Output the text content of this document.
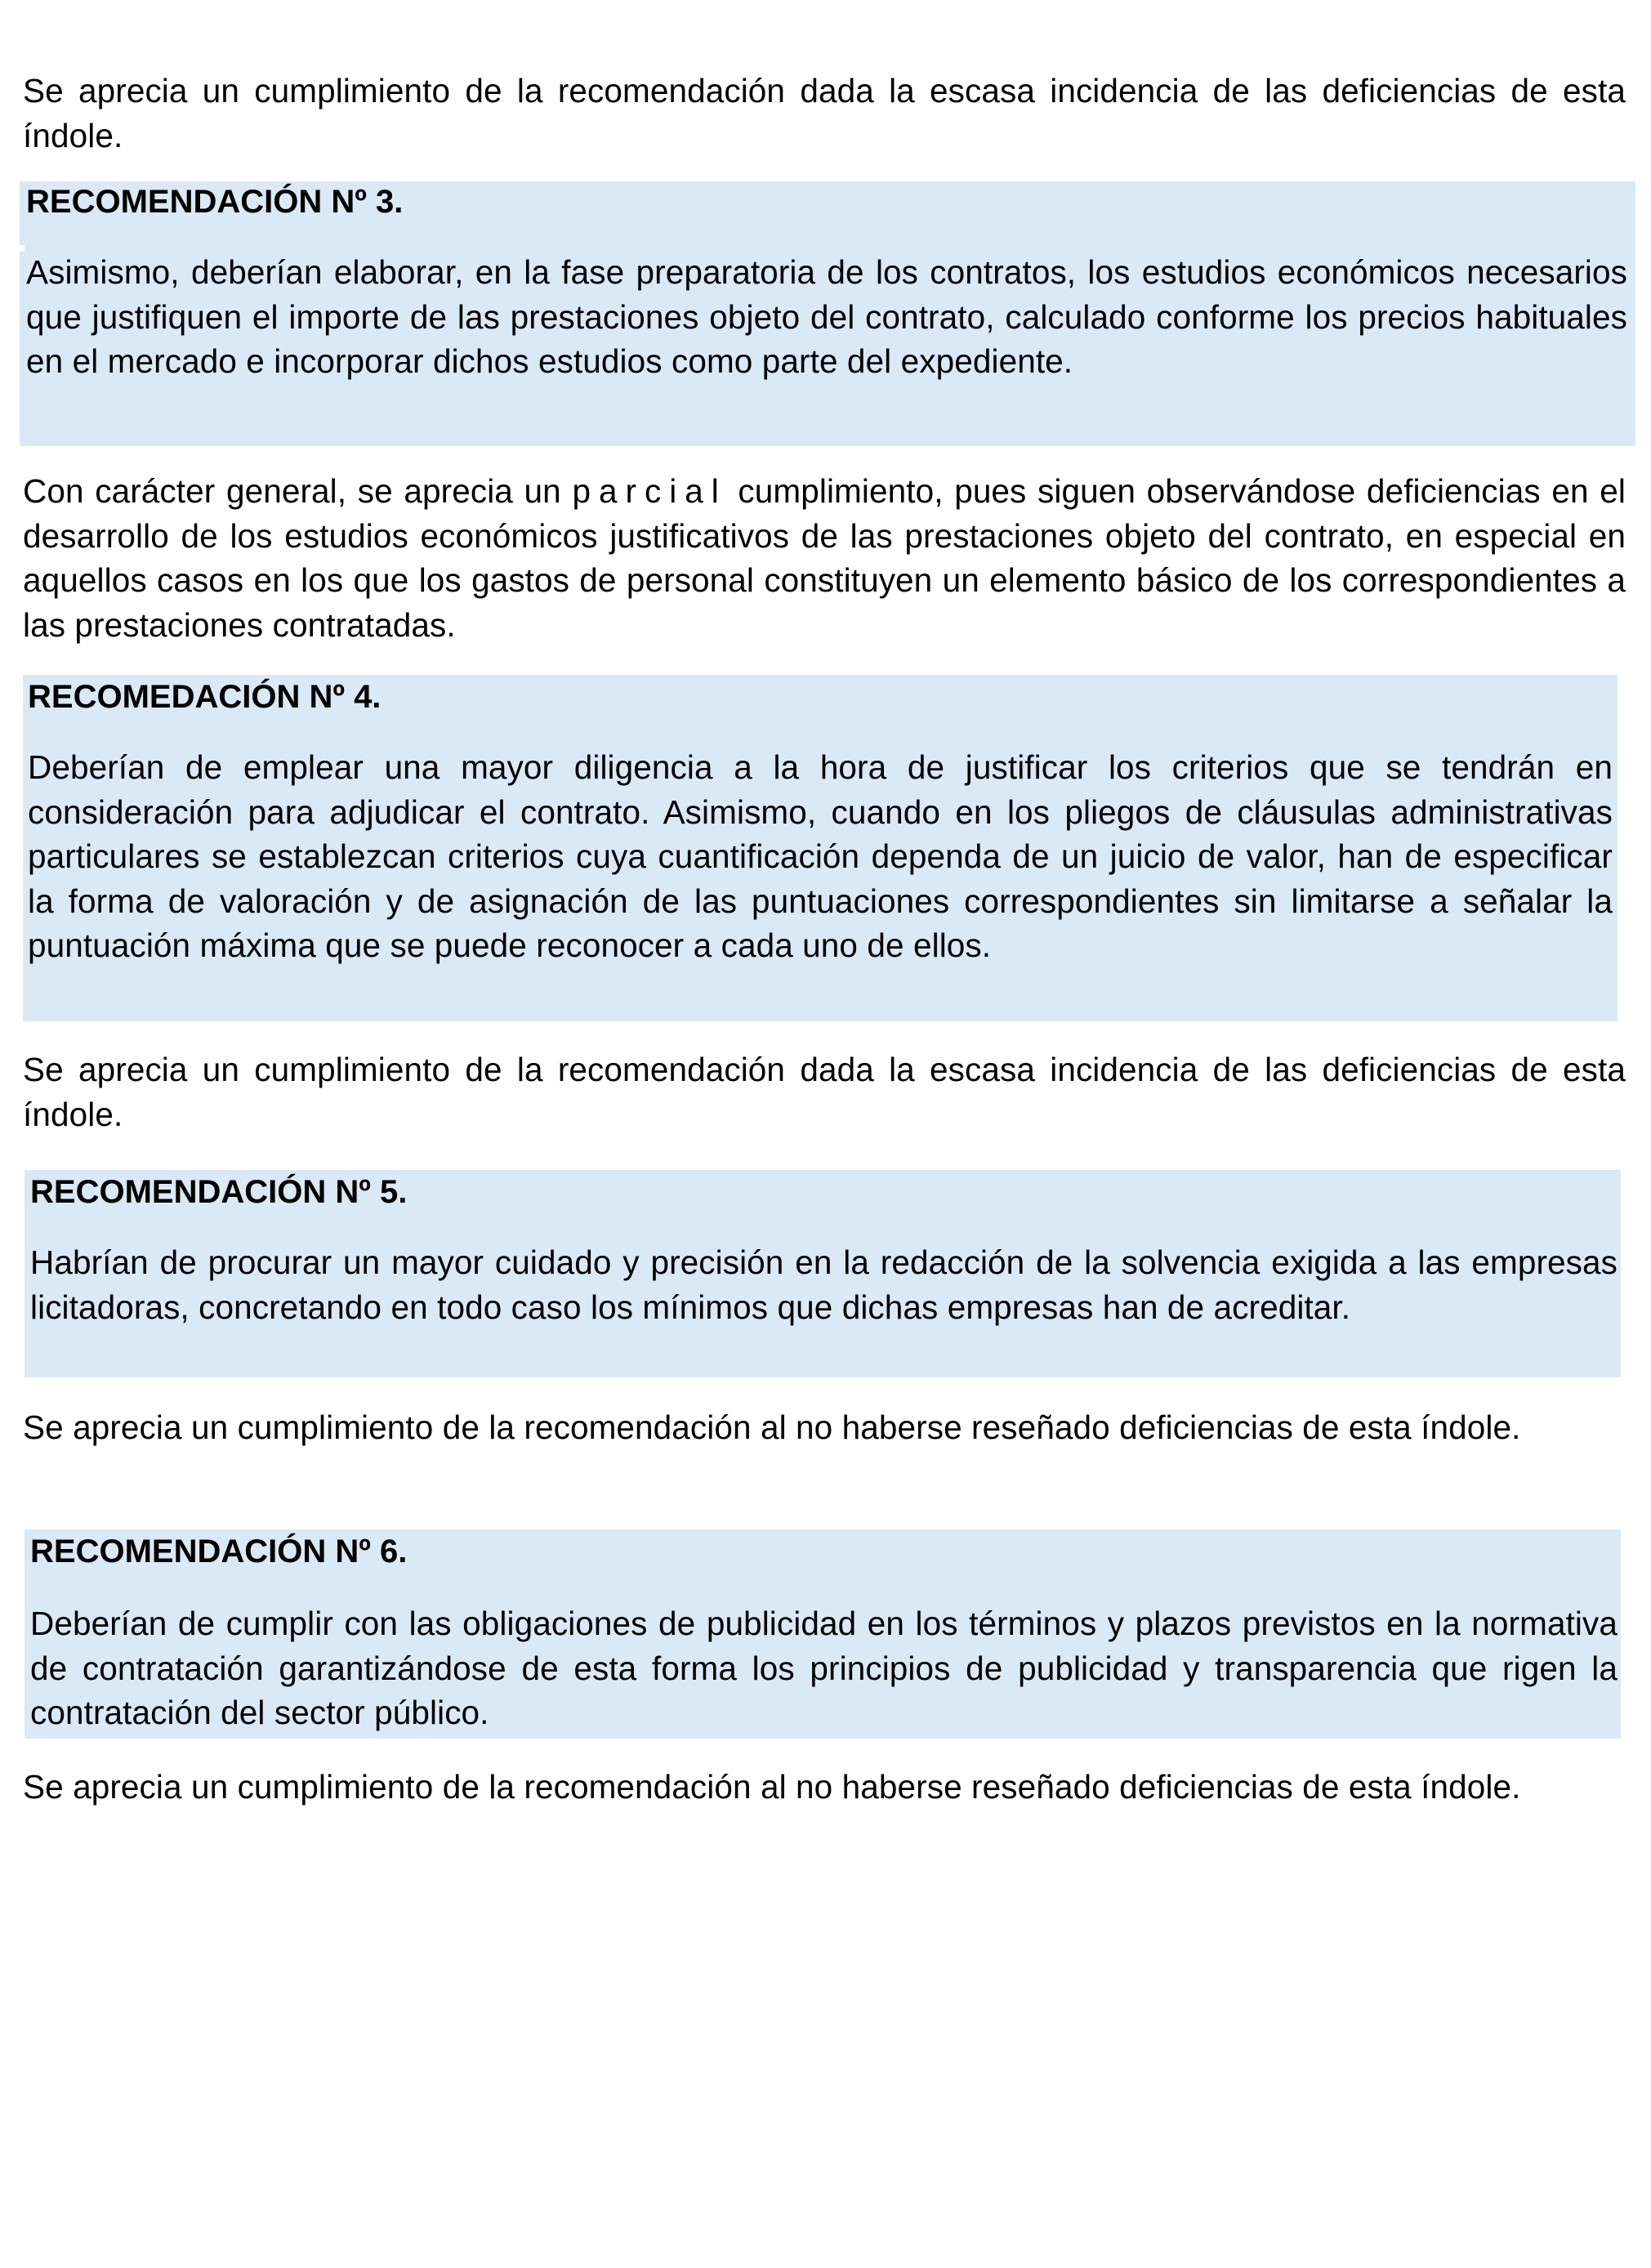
Se aprecia un cumplimiento de la recomendación dada la escasa incidencia de las deficiencias de esta índole.

RECOMENDACIÓN Nº 3.

Asimismo, deberían elaborar, en la fase preparatoria de los contratos, los estudios económicos necesarios que justifiquen el importe de las prestaciones objeto del contrato, calculado conforme los precios habituales en el mercado e incorporar dichos estudios como parte del expediente.

Con carácter general, se aprecia un parcial cumplimiento, pues siguen observándose deficiencias en el desarrollo de los estudios económicos justificativos de las prestaciones objeto del contrato, en especial en aquellos casos en los que los gastos de personal constituyen un elemento básico de los correspondientes a las prestaciones contratadas.

RECOMEDACIÓN Nº 4.

Deberían de emplear una mayor diligencia a la hora de justificar los criterios que se tendrán en consideración para adjudicar el contrato. Asimismo, cuando en los pliegos de cláusulas administrativas particulares se establezcan criterios cuya cuantificación dependa de un juicio de valor, han de especificar la forma de valoración y de asignación de las puntuaciones correspondientes sin limitarse a señalar la puntuación máxima que se puede reconocer a cada uno de ellos.

Se aprecia un cumplimiento de la recomendación dada la escasa incidencia de las deficiencias de esta índole.

RECOMENDACIÓN Nº 5.

Habrían de procurar un mayor cuidado y precisión en la redacción de la solvencia exigida a las empresas licitadoras, concretando en todo caso los mínimos que dichas empresas han de acreditar.

Se aprecia un cumplimiento de la recomendación al no haberse reseñado deficiencias de esta índole.

RECOMENDACIÓN Nº 6.

Deberían de cumplir con las obligaciones de publicidad en los términos y plazos previstos en la normativa de contratación garantizándose de esta forma los principios de publicidad y transparencia que rigen la contratación del sector público.

Se aprecia un cumplimiento de la recomendación al no haberse reseñado deficiencias de esta índole.
